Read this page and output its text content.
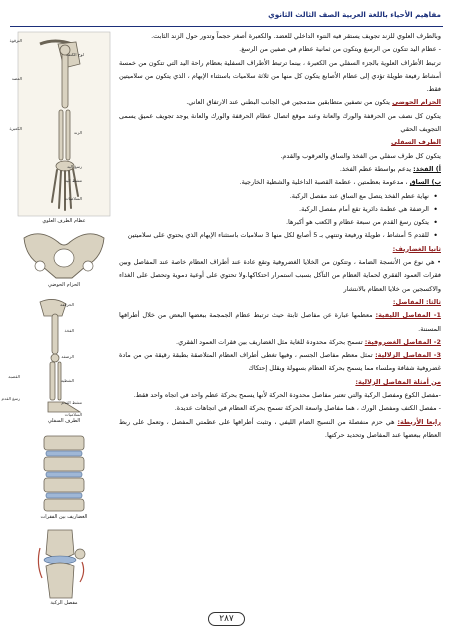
مفاهيم الأحياء باللغة العربية الصف الثالث الثانوي
الترقوة
لوح الكتف
العضد
الكعبرة
الزند
رسغ اليد
مشط اليد
السلاميات
عظام الطرف العلوي
الحزام الحوضي
الحرقفة
الفخذ
الرضفة
القصبة
الشظية
رسغ القدم
مشط القدم
السلاميات
الطرف السفلي
الغضاريف بين الفقرات
مفصل الركبة

وبالطرف العلوي للزند تجويف يستقر فيه النتوء الداخلي للعضد. والكعبرة أصغر حجماً وتدور حول الزند الثابت.

- عظام اليد تتكون من الرسغ ويتكون من ثمانية عظام في صفين من الرسغ.

ترتبط الأطراف العلوية بالجزء السفلي من الكعبرة ، بينما ترتبط الأطراف السفلية بعظام راحة اليد التي تتكون من خمسة أمشاط رفيعة طويلة تؤدي إلى عظام الأصابع يتكون كل منها من ثلاثة سلاميات باستثناء الإبهام ، الذي يتكون من سلاميتين فقط.

الحزام الحوضي يتكون من نصفين متطابقين مندمجين في الجانب البطني عند الارتفاق العاني.

يتكون كل نصف من الحرقفة والورك والعانة وعند موقع اتصال عظام الحرقفة والورك والعانة يوجد تجويف عميق يسمى التجويف الحقي

الطرف السفلي

يتكون كل طرف سفلي من الفخذ والساق والعرقوب والقدم.

أ) الفخذ: يدعم بواسطة عظم الفخذ.

ب) الساق ، مدعومة بعظمتين ، عظمة القصبة الداخلية والشظية الخارجية.

• نهاية عظم الفخذ يتصل مع الساق عند مفصل الركبة.
• الرضفة هي عظمة دائرية تقع أمام مفصل الركبة.
• يتكون رسغ القدم من سبعة عظام و الكعب هو أكبرها.
• للقدم 5 أمشاط ، طويلة ورفيعة وتنتهي بـ 5 أصابع لكل منها 3 سلاميات باستثناء الإبهام الذي يحتوي على سلاميتين

ثانيا الغضاريف:

• هي نوع من الأنسجة الضامة ، وتتكون من الخلايا الغضروفية وتقع عادة عند أطراف العظام خاصة عند المفاصل وبين فقرات العمود الفقري لحماية العظام من التآكل بسبب استمرار احتكاكها.ولا تحتوي على أوعية دموية وتحصل على الغذاء والاكسجين من خلايا العظام بالانتشار

ثالثا: المفاصل:

1- المفاصل الليفية: معظمها عبارة عن مفاصل ثابتة حيث ترتبط عظام الجمجمة ببعضها البعض من خلال أطرافها المسننة.

2- المفاصل الغضروفية: تسمح بحركة محدودة للغاية مثل الغضاريف بين فقرات العمود الفقري.

3- المفاصل الزلالية: تمثل معظم مفاصل الجسم ، وفيها تغطى أطراف العظام المتلاصقة بطبقة رقيقة من من مادة غضروفية شفافة وملساء مما يسمح بحركة العظام بسهولة ويقلل إحتكاك

من أمثلة المفاصل الزلالية:

-مفصل الكوع ومفصل الركبة والتي تعتبر مفاصل محدودة الحركة لأنها يسمح بحركة عظم واحد في اتجاه واحد فقط.

- مفصل الكتف ومفصل الورك ، هما مفاصل واسعة الحركة تسمح بحركة العظام في اتجاهات عديدة.

رابعا الأربطة: هي حزم منفصلة من النسيج الضام الليفي ، وتثبت أطرافها على عظمتي المفصل ، وتعمل على ربط العظام ببعضها عند المفاصل وتحديد حركتها.

٢٨٧
